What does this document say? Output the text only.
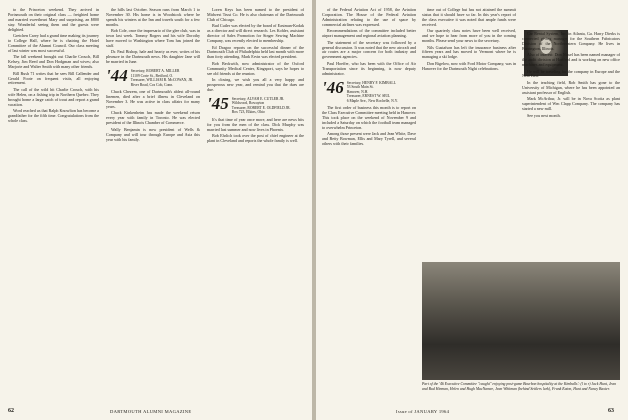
to the Princeton weekend. They arrived in Portsmouth on their original class — freighted home and married sweetheart Mary and surprising, an $800 stay. Wonderful seeing them and the guests were delighted.

Gretchen Carey had a grand time making its journey to College Hall, where he is chairing the Hotel Committee of the Alumni Council. Our class meeting of last winter was most successful.

The fall weekend brought out Charlie Crouch, Bill Kelsey, Jim Reed and Don Hodgman and wives; also Marjorie and Walter Smith with many other friends.

Bill Bush 71 writes that he sees Bill Callender and Gerald Foote on frequent visits, all enjoying retirement.

The call of the wild hit Charlie Crouch, with his wife Helen, on a fishing trip in Northern Quebec. They brought home a large catch of trout and report a grand vacation.

Word reached us that Ralph Knowlton has become a grandfather for the fifth time. Congratulations from the whole class.

the hills last October. Season runs from March 1 to November 30. His home is in Woodstock where he spends his winters at the Inn and travels south for a few months.

Bob Cole, once the impresario of the glee club, was in town last week. Tommy Rogers and his wife Dorothy have moved to Washington where Tom has joined the staff.

Dr. Paul Bishop, hale and hearty as ever, writes of his pleasure in the Dartmouth news. His daughter Jane will be married in June.

'44 Secretary, ROBERT A. MILLER
11109 Corte St., Bedford, O.
Treasurer, WILLIAM B. McCOWAN, JR.
River Road, Cos Cob, Conn.

Chuck Chezem, one of Dartmouth's ablest all-round linemen, died after a brief illness in Cleveland on November 3. He was active in class affairs for many years.

Chuck Kinkenheim has made the weekend return every year with family in Toronto. He was elected president of the Illinois Chamber of Commerce.

Wally Benjamin is now president of Wells & Company and will tour through Europe and Asia this year with his family.

Loren Keys has been named to the president of Midwest Trust Co. He is also chairman of the Dartmouth Club of Chicago.

Bud Cutler was elected by the board of Eastman-Kodak as a director and will direct research. Les Kohler, assistant director of Sales Promotion for Singer Sewing Machine Company, was recently elected to membership.

Ed Dragoo reports on the successful dinner of the Dartmouth Club of Philadelphia held last month with more than forty attending. Mark Ervin was elected president.

Bob Beckwith, now administrator of the Oxford Community Medical Center, Kingsport, says he hopes to see old friends at the reunion.

In closing, we wish you all a very happy and prosperous new year, and remind you that the dues are due.

'45 Secretary, ALVAH E. CUTLER JR.
Wildwood, Rowayton
Treasurer, ROBERT E. OLDFIELD JR.
Box 723, Elkins, Ohio

It's that time of year once more, and here are news bits for you from the men of the class. Dick Murphy was married last summer and now lives in Phoenix.

Bob Ehrlich took over the post of chief engineer at the plant in Cleveland and reports the whole family is well.

62	DARTMOUTH ALUMNI MAGAZINE

of the Federal Aviation Act of 1958, the Aviation Corporation. The House of the Federal Aviation Administration relating to the use of space by commercial airlines was expressed.

Recommendations of the committee included better airport management and regional aviation planning.

The statement of the secretary was followed by a general discussion. It was noted that the new aircraft and air routes are a major concern for both industry and government agencies.

Paul Hoeffer, who has been with the Office of Air Transportation since its beginning, is now deputy administrator.

'46 Secretary, HENRY F. KIMBALL
53 South Main St.
Hanover, N.H.
Treasurer, ERNEST W. SEIL
6 Maple Ave., New Rochelle, N.Y.

The first order of business this month is to report on the Class Executive Committee meeting held in Hanover. This took place on the weekend of November 9 and included a Saturday on which the football team managed to overwhelm Princeton.

Among those present were Jack and Jean White, Dave and Betty Bowman, Ellis and Mary Tyrell, and several others with their families.

time out of College but has not attained the summit status that it should have so far. In this year's report of the class executive it was noted that ample funds were received.

Our quarterly class notes have been well received, and we hope to hear from more of you in the coming months. Please send your news to the secretary.

Nils Gustafson has left the insurance business after fifteen years and has moved to Vermont where he is managing a ski lodge.

Don Bigelow, now with Ford Motor Company, was in Hanover for the Dartmouth Night celebrations.

Car Rental System, Inc. in Atlanta, Ga. Harry Dierks is connected giving manager for the Southern Fabricators Division of the Northwestern Company. He lives in Barrington, Illinois.

Also of interest: Don Nissel has been named manager of the audit division at Hartford and is working on new office machines and equipment.

He will be traveling for the company in Europe and the Near East.

In the teaching field, Rob Smith has gone to the University of Michigan, where he has been appointed an assistant professor of English.

Mark McArthur, Jr. will be in Nova Scotia as plant superintendent of Wm Clapp Company. The company has started a new mill.

See you next month.

Part of the '46 Executive Committee "caught" enjoying post-game Bourbon hospitality at the Kimballs': (l to r) Jack Hunt, Jean and Bud Hinman, Helen and Hugh MacNamee, Jean Whitman (behind Settlers lurk), Frank Eaton, Hunt and Nancy Baxter.
Issue of JANUARY 1964	63
